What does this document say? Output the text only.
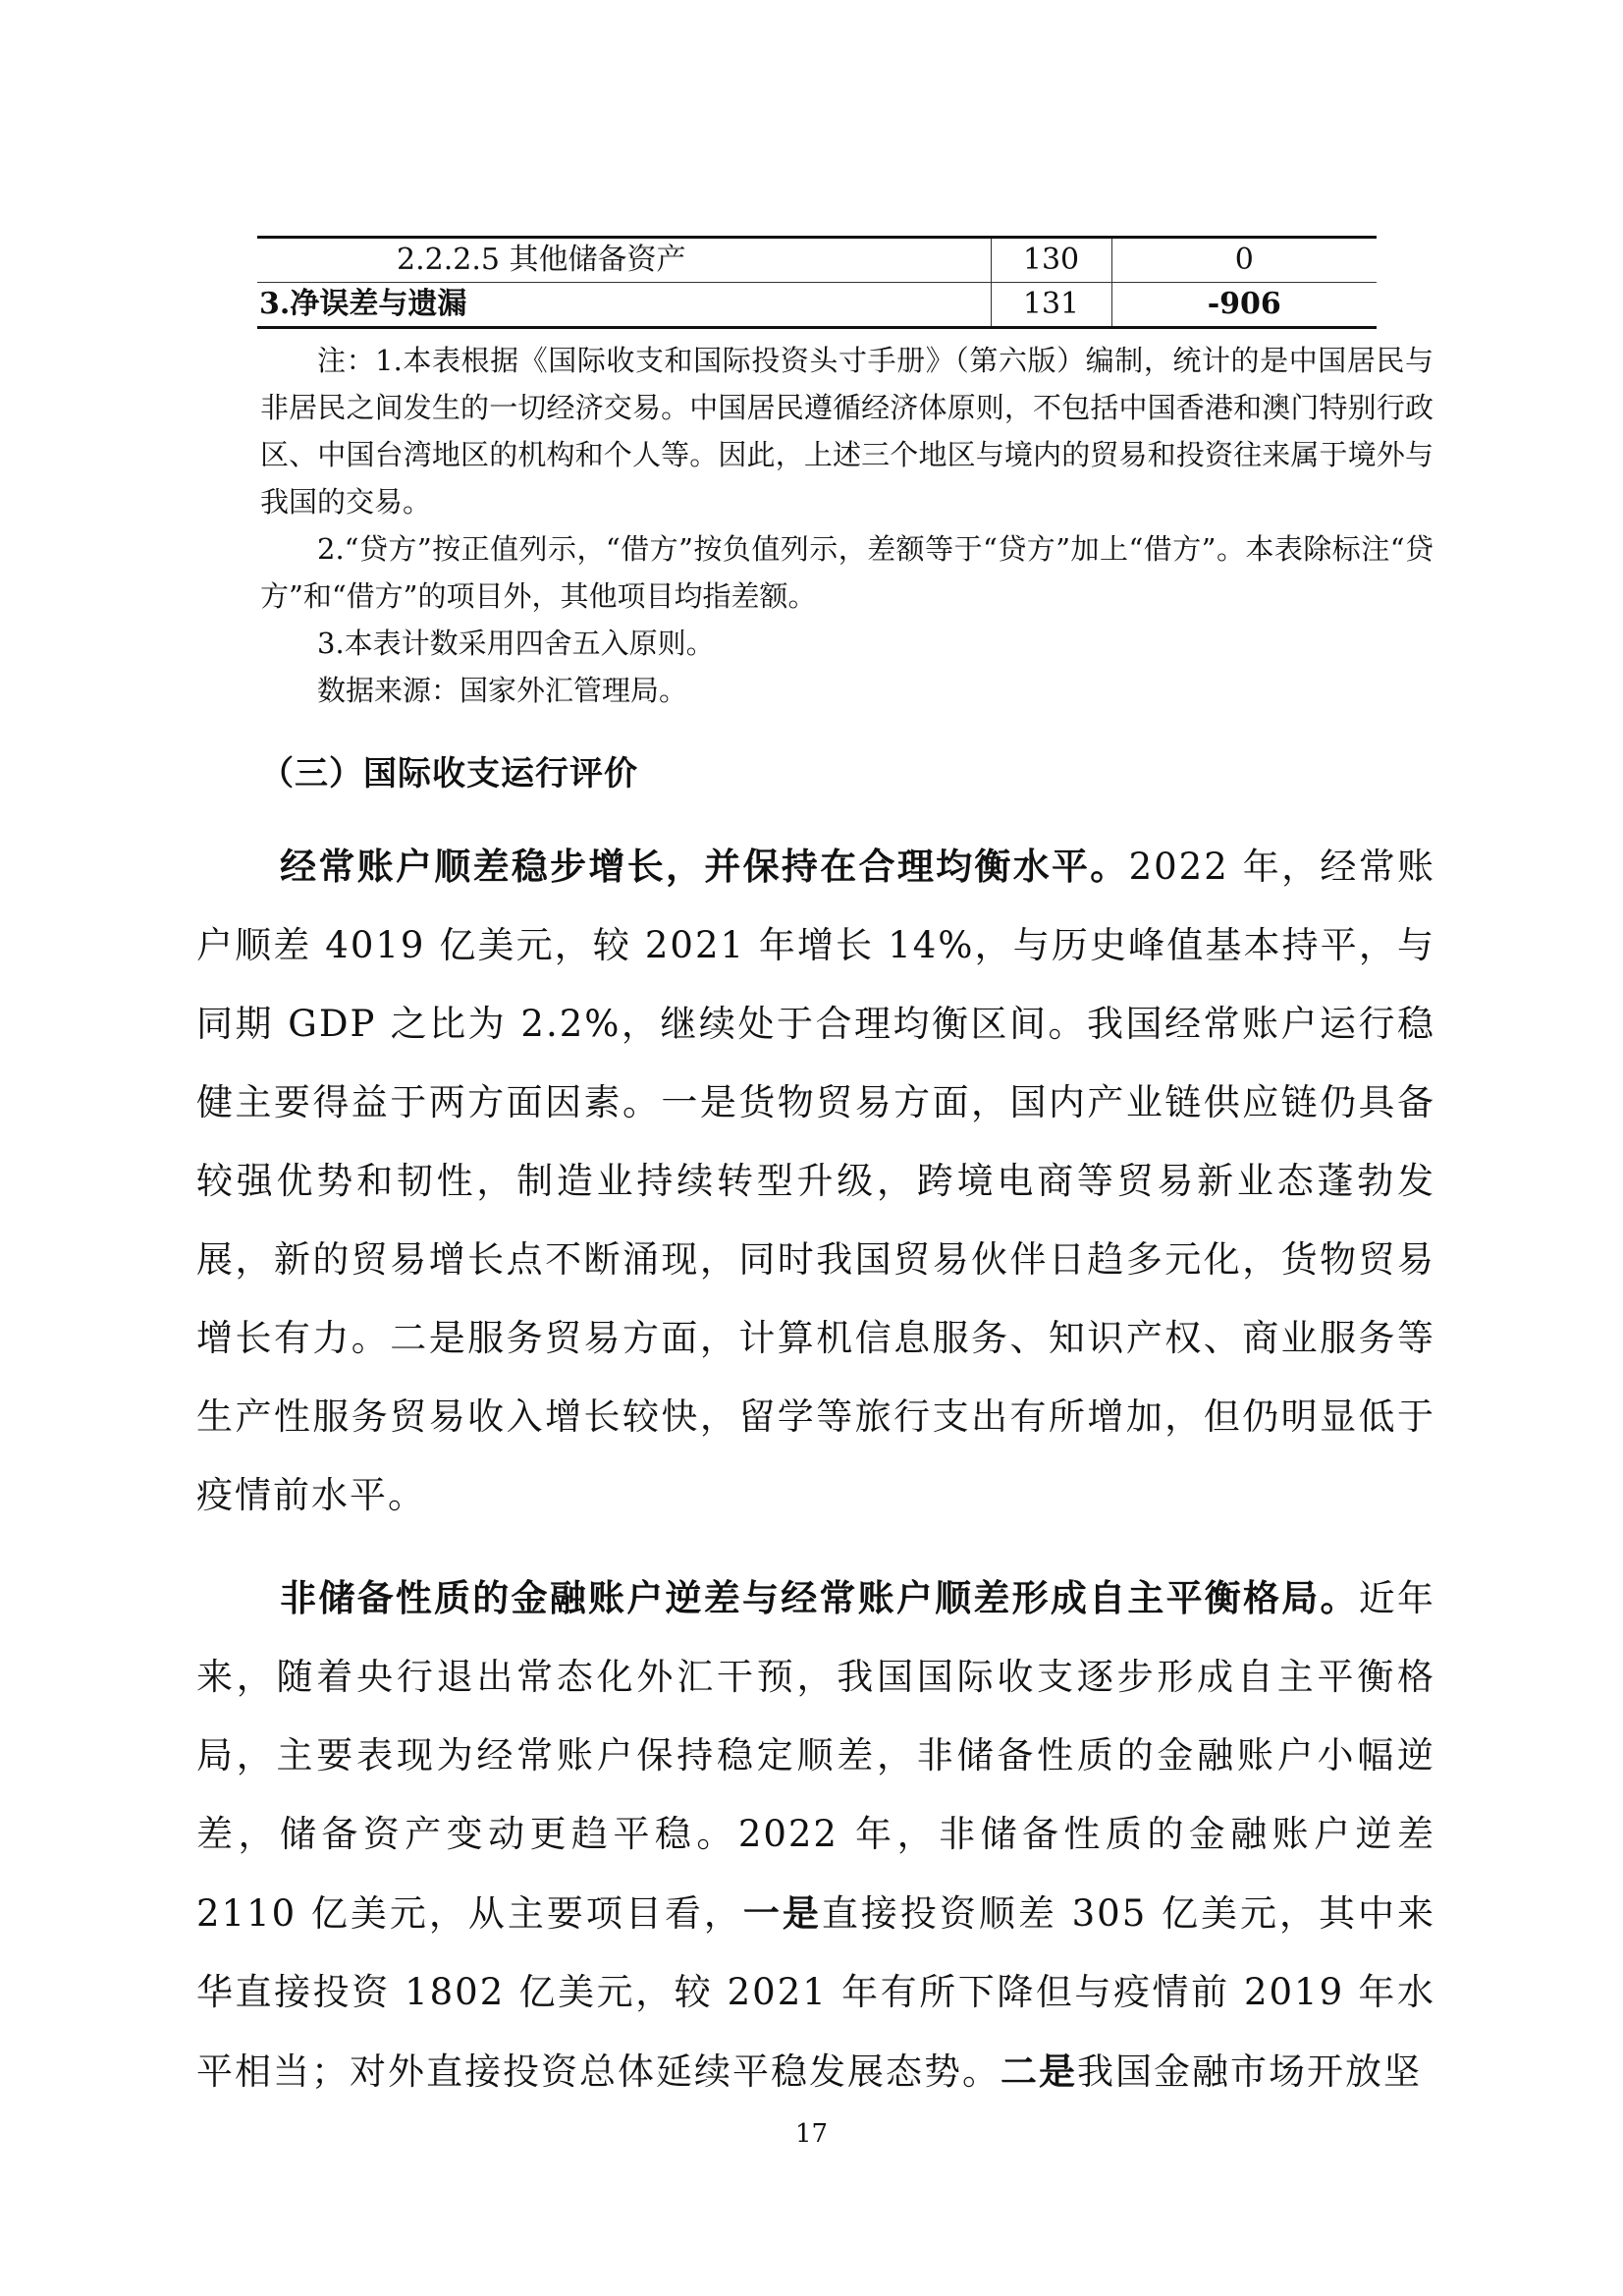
2.2.2.5 其他储备资产	130	0
3.净误差与遗漏	131	-906

注：1.本表根据《国际收支和国际投资头寸手册》（第六版）编制，统计的是中国居民与非居民之间发生的一切经济交易。中国居民遵循经济体原则，不包括中国香港和澳门特别行政区、中国台湾地区的机构和个人等。因此，上述三个地区与境内的贸易和投资往来属于境外与我国的交易。

2.“贷方”按正值列示，“借方”按负值列示，差额等于“贷方”加上“借方”。本表除标注“贷方”和“借方”的项目外，其他项目均指差额。

3.本表计数采用四舍五入原则。

数据来源：国家外汇管理局。

（三）国际收支运行评价

经常账户顺差稳步增长，并保持在合理均衡水平。2022 年，经常账户顺差 4019 亿美元，较 2021 年增长 14%，与历史峰值基本持平，与同期 GDP 之比为 2.2%，继续处于合理均衡区间。我国经常账户运行稳健主要得益于两方面因素。一是货物贸易方面，国内产业链供应链仍具备较强优势和韧性，制造业持续转型升级，跨境电商等贸易新业态蓬勃发展，新的贸易增长点不断涌现，同时我国贸易伙伴日趋多元化，货物贸易增长有力。二是服务贸易方面，计算机信息服务、知识产权、商业服务等生产性服务贸易收入增长较快，留学等旅行支出有所增加，但仍明显低于疫情前水平。

非储备性质的金融账户逆差与经常账户顺差形成自主平衡格局。近年来，随着央行退出常态化外汇干预，我国国际收支逐步形成自主平衡格局，主要表现为经常账户保持稳定顺差，非储备性质的金融账户小幅逆差，储备资产变动更趋平稳。2022 年，非储备性质的金融账户逆差 2110 亿美元，从主要项目看，一是直接投资顺差 305 亿美元，其中来华直接投资 1802 亿美元，较 2021 年有所下降但与疫情前 2019 年水平相当；对外直接投资总体延续平稳发展态势。二是我国金融市场开放坚

17
